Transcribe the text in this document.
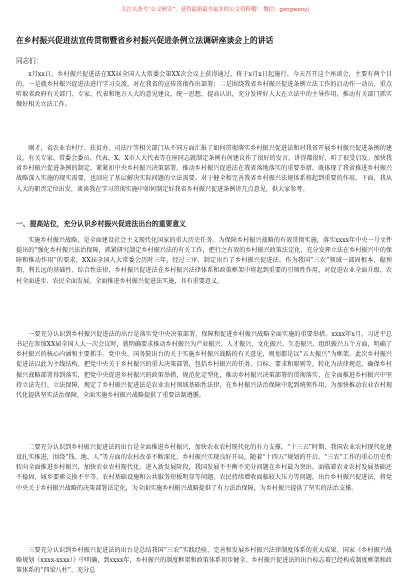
关注头条号“公文研究”，获得最新最全最多的公文资料哦！ 微信：gongwenyj
在乡村振兴促进法宣传贯彻暨省乡村振兴促进条例立法调研座谈会上的讲话
同志们：

x月xx日，乡村振兴促进法在XX届全国人大常委会第XX次会议上获得通过，将于x月x日起施行。今天召开这个座谈会，主要有两个目的，一是就乡村振兴促进法进行学习交流，对在我省的宣传贯彻作出部署；二是围绕我省乡村振兴促进条例立法工作的启动作一动员，重点听取省政府有关部门、专家、代表和地方人大的意见建议，统一思想，提高认识，充分发挥好人大在立法中的主导作用，推动有关部门抓实做好相关立法工作。

刚才，省农业农村厅、扶贫办、司法厅等相关部门从不同方面汇报了如何贯彻落实乡村振兴促进法和对我省开展乡村振兴促进条例的建议。有关专家、常委会委员、代表、X、X市人大代表等在座同志就制定条例有何建议作了很好的发言，讲得都很好，听了很受启发。加快我省乡村振兴促进条例的制定，紧紧扣中央乡村振兴决策部署，推动乡村振兴促进法在我省落地落实的重要举措。既体现了我省推进乡村振兴战略深入实施的现实需要，也回应了基层解决实际问题的立法需要。对于健全和完善我省乡村振兴法规体系将起到重要的作用。下面，我从人大的职责定位出发，谈谈我在学习贯彻实施中如何制定好我省乡村振兴促进条例讲几点意见，供大家参考。

一、提高站位，充分认识乡村振兴促进法出台的重要意义

实施乡村振兴战略，是全面建设社会主义现代化国家的重大历史任务。为保障乡村振兴战略的有效贯彻实施，落实xxxx年中央一号文件提出的“强化乡村振兴法治保障，抓紧研究制定乡村振兴法的有关工作，把行之有效的乡村振兴政策法定化，充分发挥立法在乡村振兴中的保障和推动作用”的要求，XX届全国人大常委会历时三年，经过三审，制定出台了乡村振兴促进法。作为我国“三农”领域一部固根本、稳预期、利长远的基础性、综合性法律，乡村振兴促进法在乡村振兴法律体系和政策框架中将起到重要的引领性作用，对促进农业全面升级、农村全面进步、农民全面发展，全面推进乡村振兴促进法实施，具有重要意义。

一要充分认识到乡村振兴促进法的出台是落实党中央决策部署，保障和促进乡村振兴战略全面实施的重要举措。xxxx年x月，习近平总书记在参加XX届全国人大一次会议时，就明确要求推动乡村振兴为产业振兴、人才振兴、文化振兴、生态振兴、组织振兴五个方面，明确了乡村振兴的核心内涵和主要抓手。党中央、国务院出台的关于实施乡村振兴战略的有关意见，规划都是以“五大振兴”为框架。此次乡村振兴促进法以此为主线结构，把党中央关于乡村振兴的重大决策部署，包括乡村振兴的任务、目标、要求和原则等，转化为法律规范，确保乡村振兴战略部署得到落实，把党中央促进乡村振兴的政策举措，规范化定型化，推动乡村振兴决策部署的贯彻落实，在全面推进乡村振兴中坚持立法先行、立法保障，规定了乡村振兴促进法是农业农村领域基础性法律，在乡村振兴法治保障中起到统领作用，为加快推动农业农村现代化提供坚实法治保障，全面实施乡村振兴战略提供了重要法制遵循。

二要充分认识到乡村振兴促进法的出台是全面推进乡村振兴，加快农业农村现代化的有力支撑。“十三五”时期，我国农业农村现代化建设扎实推进，围绕“钱、地、人”等方面的农村改革不断深化，乡村振兴实现良好开局。随着“十四五”规划的开启，“三农”工作的重心历史性转向全面推进乡村振兴，加快农业农村现代化。进入新发展阶段，我国发展不平衡不充分问题在乡村最为突出。面临着农业农村发展基础还不稳固、城乡要素交换不平等、农村基础设施和公共服务短板明显等问题，农民持续增收面临较大压力等问题，出台乡村振兴促进法，将党中央关于乡村振兴战略的决策部署法定化，为全面实施乡村振兴战略提供了有力法治保障，为乡村振兴提供了坚实的法治支撑。

三要充分认识到乡村振兴促进法的出台是总结我国“三农”实践经验，完善和发展乡村振兴法律制度体系的重大成果。国家《乡村振兴战略规划（xxxx-xxxx）》中明确，到xxxx年，乡村振兴的制度框架和政策体系初步健全。乡村振兴促进法的出台标志着已经构成制度框架和政策体系的“四梁八柱”，充分总
